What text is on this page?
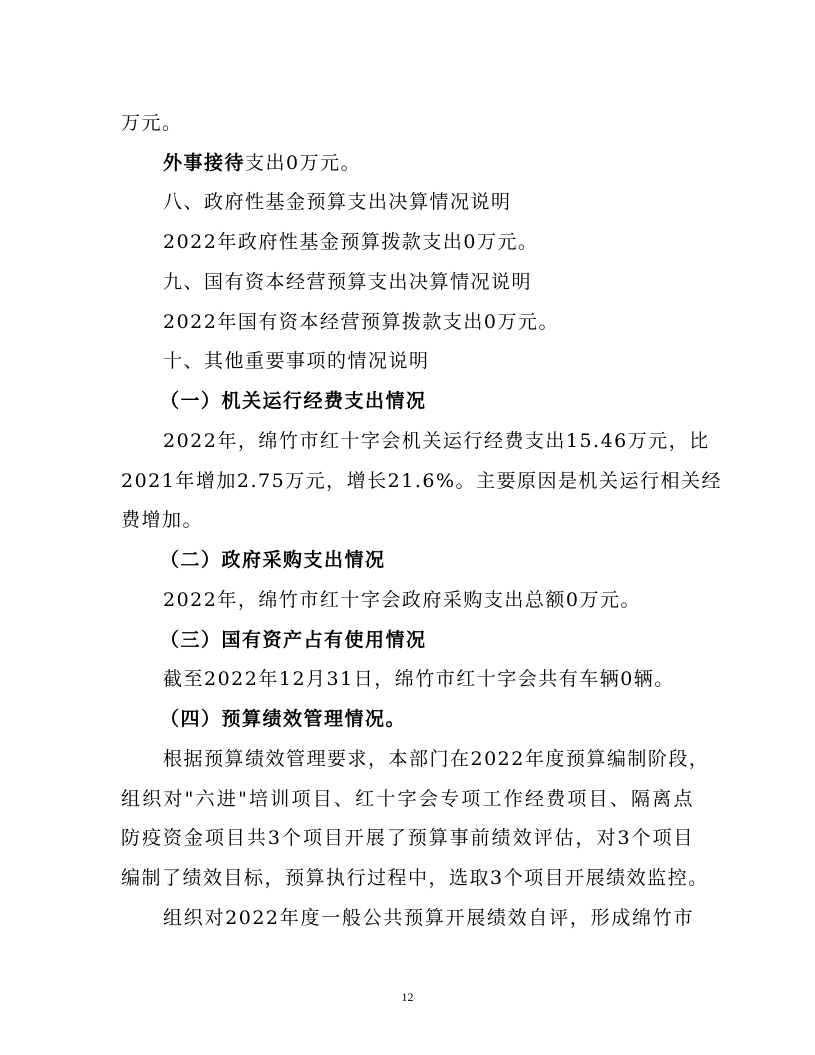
万元。
外事接待支出0万元。
八、政府性基金预算支出决算情况说明
2022年政府性基金预算拨款支出0万元。
九、国有资本经营预算支出决算情况说明
2022年国有资本经营预算拨款支出0万元。
十、其他重要事项的情况说明
（一）机关运行经费支出情况
2022年，绵竹市红十字会机关运行经费支出15.46万元，比
2021年增加2.75万元，增长21.6%。主要原因是机关运行相关经
费增加。
（二）政府采购支出情况
2022年，绵竹市红十字会政府采购支出总额0万元。
（三）国有资产占有使用情况
截至2022年12月31日，绵竹市红十字会共有车辆0辆。
（四）预算绩效管理情况。
根据预算绩效管理要求，本部门在2022年度预算编制阶段，
组织对"六进"培训项目、红十字会专项工作经费项目、隔离点
防疫资金项目共3个项目开展了预算事前绩效评估，对3个项目
编制了绩效目标，预算执行过程中，选取3个项目开展绩效监控。
组织对2022年度一般公共预算开展绩效自评，形成绵竹市
12
